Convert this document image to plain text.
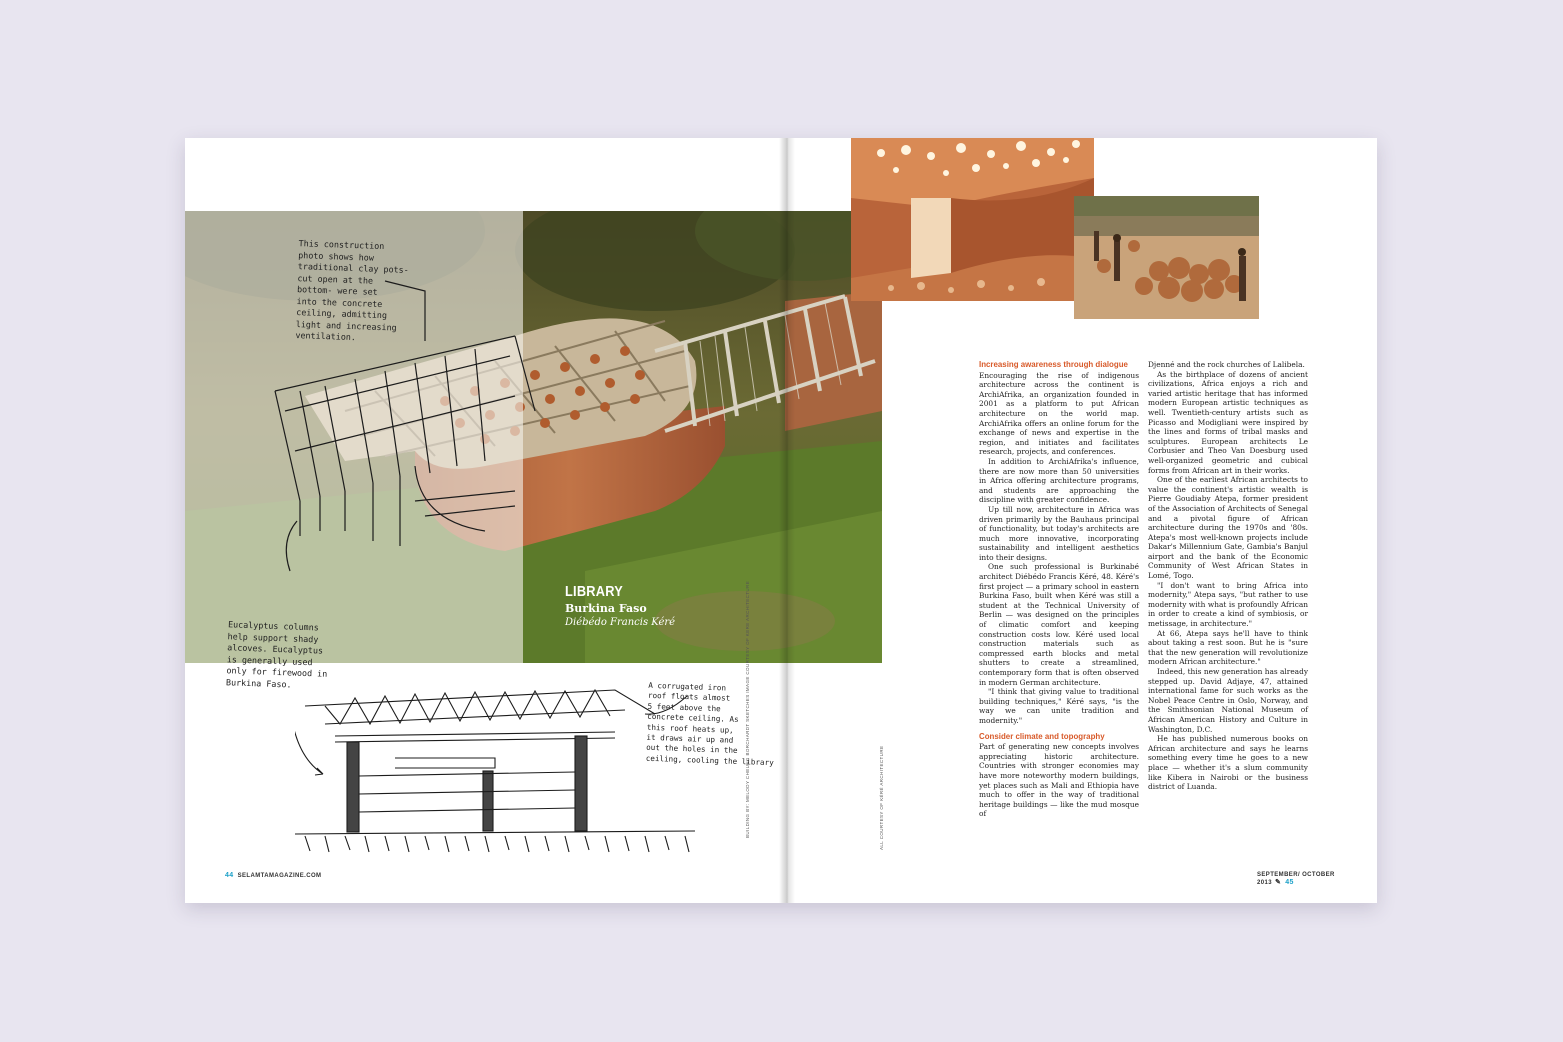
LIBRARY
Burkina Faso
Diébédo Francis Kéré
This construction
photo shows how
traditional clay pots-
cut open at the
bottom- were set
into the concrete
ceiling, admitting
light and increasing
ventilation.
Eucalyptus columns
help support shady
alcoves. Eucalyptus
is generally used
only for firewood in
Burkina Faso.	A corrugated iron
roof floats almost
5 feet above the
concrete ceiling. As
this roof heats up,
it draws air up and
out the holes in the
ceiling, cooling the library
BUILDING BY: MELODY CHEUNG BORCHARDT SKETCHES IMAGE COURTESY OF KERE ARCHITECTURE	ALL COURTESY OF KÉRÉ ARCHITECTURE
Increasing awareness through dialogue

Encouraging the rise of indigenous architecture across the continent is ArchiAfrika, an organization founded in 2001 as a platform to put African architecture on the world map. ArchiAfrika offers an online forum for the exchange of news and expertise in the region, and initiates and facilitates research, projects, and conferences.

In addition to ArchiAfrika's influence, there are now more than 50 universities in Africa offering architecture programs, and students are approaching the discipline with greater confidence.

Up till now, architecture in Africa was driven primarily by the Bauhaus principal of functionality, but today's architects are much more innovative, incorporating sustainability and intelligent aesthetics into their designs.

One such professional is Burkinabé architect Diébédo Francis Kéré, 48. Kéré's first project — a primary school in eastern Burkina Faso, built when Kéré was still a student at the Technical University of Berlin — was designed on the principles of climatic comfort and keeping construction costs low. Kéré used local construction materials such as compressed earth blocks and metal shutters to create a streamlined, contemporary form that is often observed in modern German architecture.

"I think that giving value to traditional building techniques," Kéré says, "is the way we can unite tradition and modernity."

Consider climate and topography

Part of generating new concepts involves appreciating historic architecture. Countries with stronger economies may have more noteworthy modern buildings, yet places such as Mali and Ethiopia have much to offer in the way of traditional heritage buildings — like the mud mosque of

Djenné and the rock churches of Lalibela.

As the birthplace of dozens of ancient civilizations, Africa enjoys a rich and varied artistic heritage that has informed modern European artistic techniques as well. Twentieth-century artists such as Picasso and Modigliani were inspired by the lines and forms of tribal masks and sculptures. European architects Le Corbusier and Theo Van Doesburg used well-organized geometric and cubical forms from African art in their works.

One of the earliest African architects to value the continent's artistic wealth is Pierre Goudiaby Atepa, former president of the Association of Architects of Senegal and a pivotal figure of African architecture during the 1970s and '80s. Atepa's most well-known projects include Dakar's Millennium Gate, Gambia's Banjul airport and the bank of the Economic Community of West African States in Lomé, Togo.

"I don't want to bring Africa into modernity," Atepa says, "but rather to use modernity with what is profoundly African in order to create a kind of symbiosis, or metissage, in architecture."

At 66, Atepa says he'll have to think about taking a rest soon. But he is "sure that the new generation will revolutionize modern African architecture."

Indeed, this new generation has already stepped up. David Adjaye, 47, attained international fame for such works as the Nobel Peace Centre in Oslo, Norway, and the Smithsonian National Museum of African American History and Culture in Washington, D.C.

He has published numerous books on African architecture and says he learns something every time he goes to a new place — whether it's a slum community like Kibera in Nairobi or the business district of Luanda.

44 SELAMTAMAGAZINE.COM	SEPTEMBER/ OCTOBER 2013 ✎ 45
